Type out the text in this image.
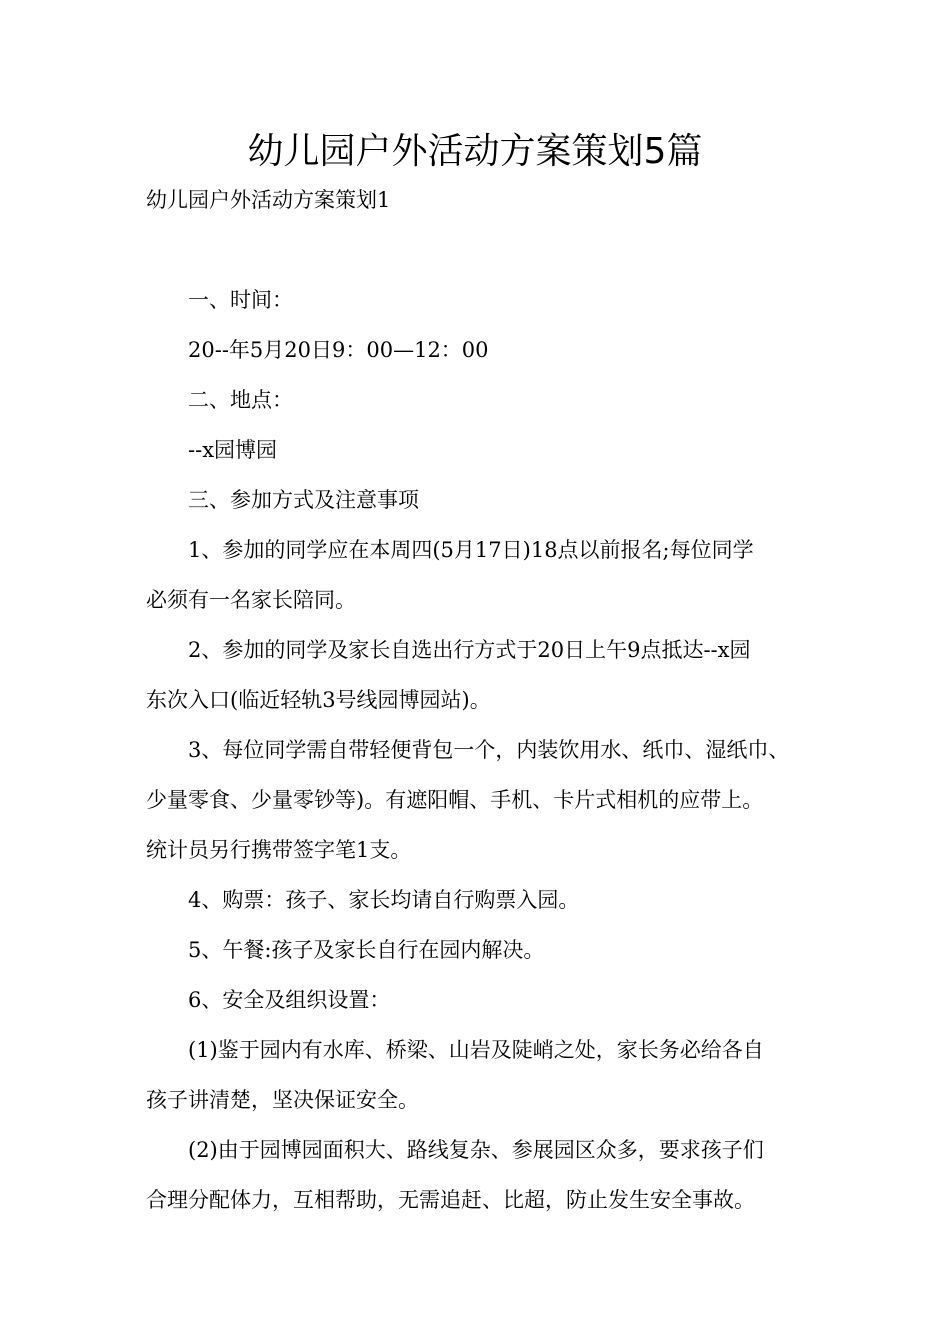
幼儿园户外活动方案策划5篇
幼儿园户外活动方案策划1
一、时间：
20--年5月20日9：00—12：00
二、地点：
--x园博园
三、参加方式及注意事项
1、参加的同学应在本周四(5月17日)18点以前报名;每位同学
必须有一名家长陪同。
2、参加的同学及家长自选出行方式于20日上午9点抵达--x园
东次入口(临近轻轨3号线园博园站)。
3、每位同学需自带轻便背包一个，内装饮用水、纸巾、湿纸巾、
少量零食、少量零钞等)。有遮阳帽、手机、卡片式相机的应带上。
统计员另行携带签字笔1支。
4、购票：孩子、家长均请自行购票入园。
5、午餐:孩子及家长自行在园内解决。
6、安全及组织设置：
(1)鉴于园内有水库、桥梁、山岩及陡峭之处，家长务必给各自
孩子讲清楚，坚决保证安全。
(2)由于园博园面积大、路线复杂、参展园区众多，要求孩子们
合理分配体力，互相帮助，无需追赶、比超，防止发生安全事故。
